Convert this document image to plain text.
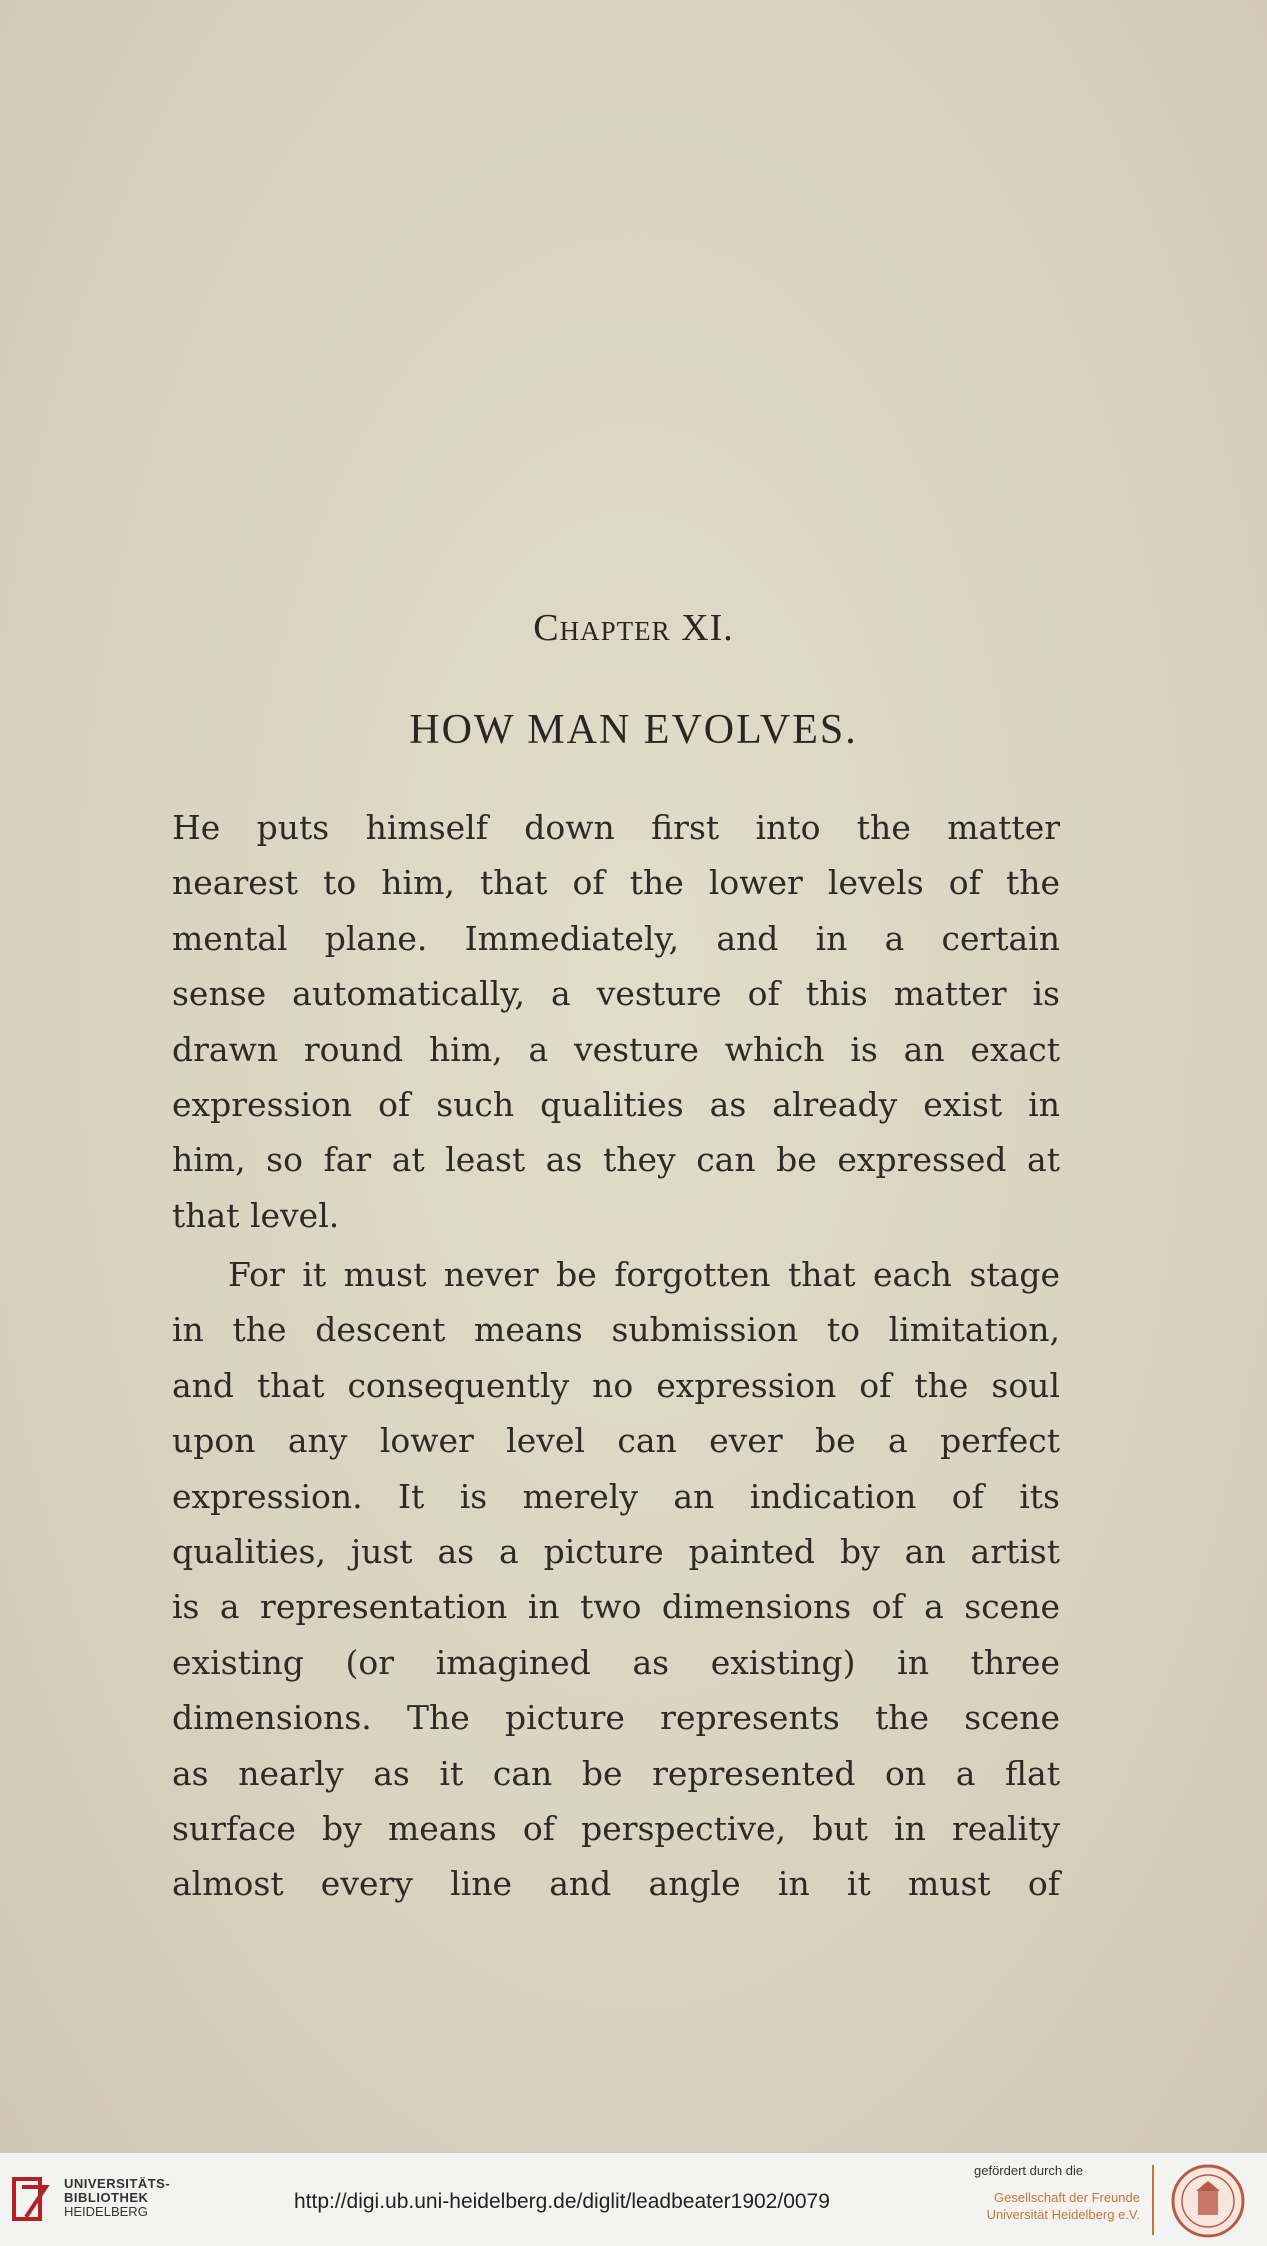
Chapter XI.
HOW MAN EVOLVES.

He puts himself down first into the matter
nearest to him, that of the lower levels of the
mental plane. Immediately, and in a certain
sense automatically, a vesture of this matter is
drawn round him, a vesture which is an exact
expression of such qualities as already exist in
him, so far at least as they can be expressed at
that level.

For it must never be forgotten that each stage
in the descent means submission to limitation,
and that consequently no expression of the soul
upon any lower level can ever be a perfect
expression. It is merely an indication of its
qualities, just as a picture painted by an artist
is a representation in two dimensions of a scene
existing (or imagined as existing) in three
dimensions. The picture represents the scene
as nearly as it can be represented on a flat
surface by means of perspective, but in reality
almost every line and angle in it must of

UNIVERSITÄTS-
BIBLIOTHEK
HEIDELBERG	http://digi.ub.uni-heidelberg.de/diglit/leadbeater1902/0079
gefördert durch die
Gesellschaft der Freunde
Universität Heidelberg e.V.
